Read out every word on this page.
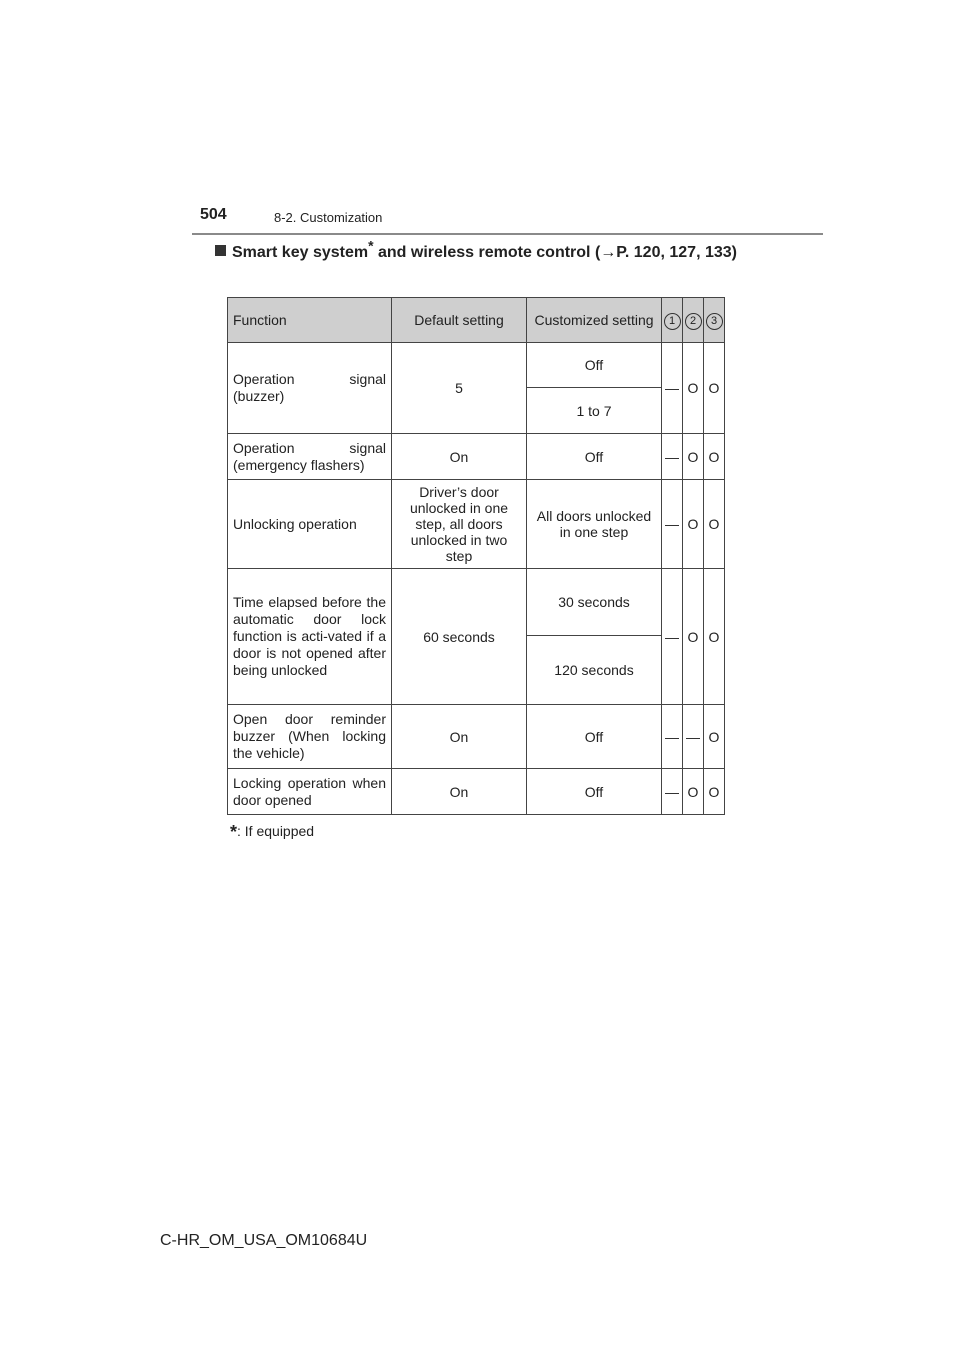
504	8-2. Customization
Smart key system* and wireless remote control (→P. 120, 127, 133)
Function	Default setting	Customized setting	1	2	3
Operation signal (buzzer)	5	Off	—	O	O
		1 to 7			
Operation signal (emergency flashers)	On	Off	—	O	O
Unlocking operation	Driver’s door unlocked in one step, all doors unlocked in two step	All doors unlocked in one step	—	O	O
Time elapsed before the automatic door lock function is acti-vated if a door is not opened after being unlocked	60 seconds	30 seconds	—	O	O
		120 seconds			
Open door reminder buzzer (When locking the vehicle)	On	Off	—	—	O
Locking operation when door opened	On	Off	—	O	O
*: If equipped
C-HR_OM_USA_OM10684U
